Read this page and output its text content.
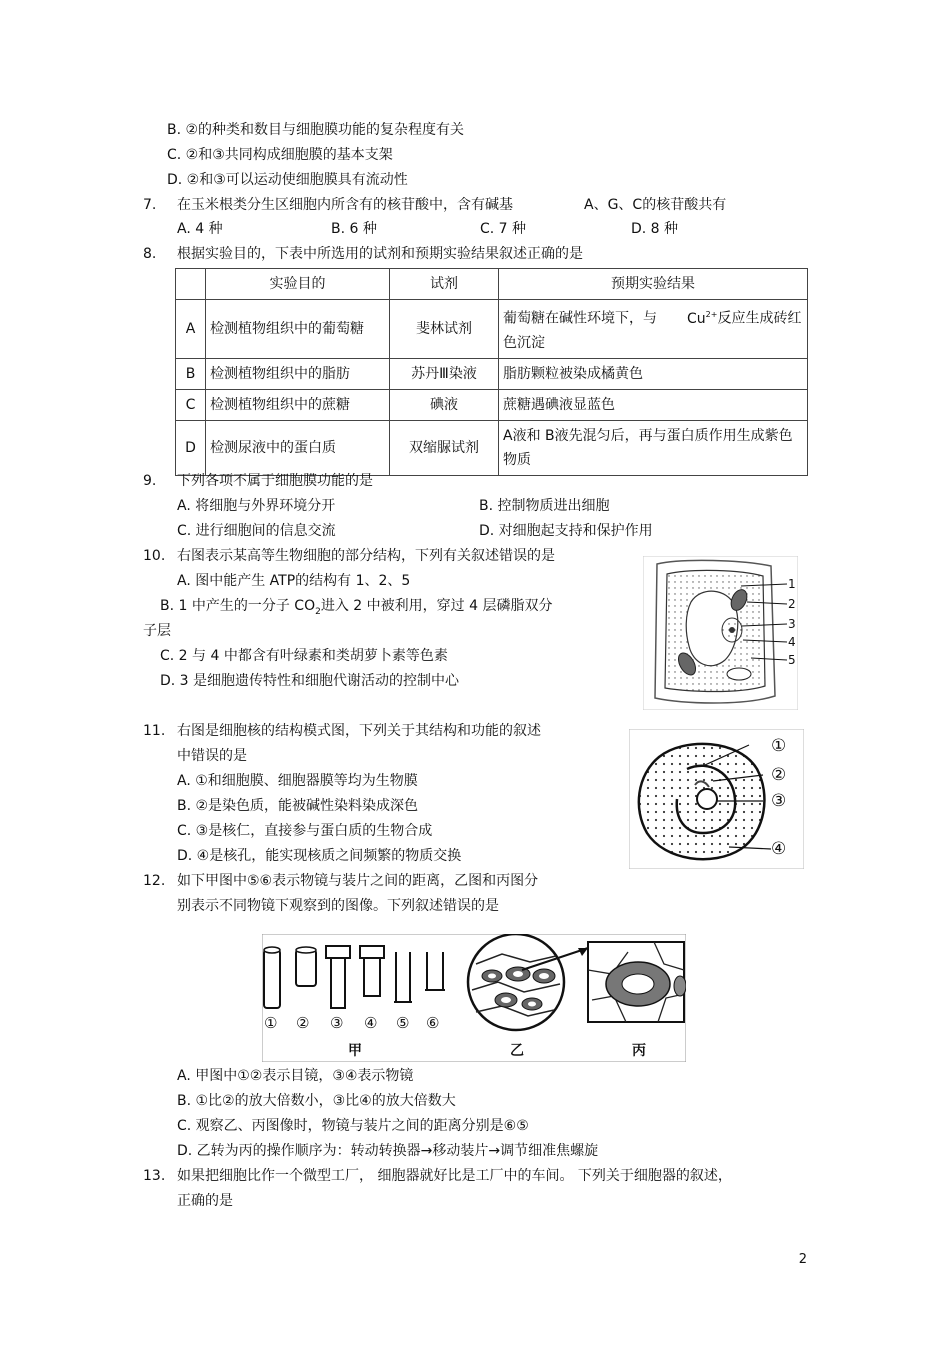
B. ②的种类和数目与细胞膜功能的复杂程度有关
C. ②和③共同构成细胞膜的基本支架
D. ②和③可以运动使细胞膜具有流动性
7. 在玉米根类分生区细胞内所含有的核苷酸中，含有碱基	A、G、C的核苷酸共有
A. 4 种	B. 6 种	C. 7 种	D. 8 种
8. 根据实验目的，下表中所选用的试剂和预期实验结果叙述正确的是
	实验目的	试剂	预期实验结果
A	检测植物组织中的葡萄糖	斐林试剂	葡萄糖在碱性环境下，与 $Cu^{2+}$反应生成砖红色沉淀
B	检测植物组织中的脂肪	苏丹Ⅲ染液	脂肪颗粒被染成橘黄色
C	检测植物组织中的蔗糖	碘液	蔗糖遇碘液显蓝色
D	检测尿液中的蛋白质	双缩脲试剂	A液和 B液先混匀后，再与蛋白质作用生成紫色物质
9. 下列各项不属于细胞膜功能的是
A. 将细胞与外界环境分开	B. 控制物质进出细胞
C. 进行细胞间的信息交流	D. 对细胞起支持和保护作用
10. 右图表示某高等生物细胞的部分结构，下列有关叙述错误的是
A. 图中能产生 ATP的结构有 1、2、5
B. 1 中产生的一分子 $CO_2$进入 2 中被利用，穿过 4 层磷脂双分
子层
C. 2 与 4 中都含有叶绿素和类胡萝卜素等色素
D. 3 是细胞遗传特性和细胞代谢活动的控制中心
1
2
3
4
5
11. 右图是细胞核的结构模式图，下列关于其结构和功能的叙述
中错误的是
A. ①和细胞膜、细胞器膜等均为生物膜
B. ②是染色质，能被碱性染料染成深色
C. ③是核仁，直接参与蛋白质的生物合成
D. ④是核孔，能实现核质之间频繁的物质交换
①
②
③
④
12. 如下甲图中⑤⑥表示物镜与装片之间的距离，乙图和丙图分
别表示不同物镜下观察到的图像。下列叙述错误的是
① ② ③ ④ ⑤ ⑥
甲	乙	丙
A. 甲图中①②表示目镜，③④表示物镜
B. ①比②的放大倍数小，③比④的放大倍数大
C. 观察乙、丙图像时，物镜与装片之间的距离分别是⑥⑤
D. 乙转为丙的操作顺序为：转动转换器→移动装片→调节细准焦螺旋
13. 如果把细胞比作一个微型工厂， 细胞器就好比是工厂中的车间。 下列关于细胞器的叙述，
正确的是
2
